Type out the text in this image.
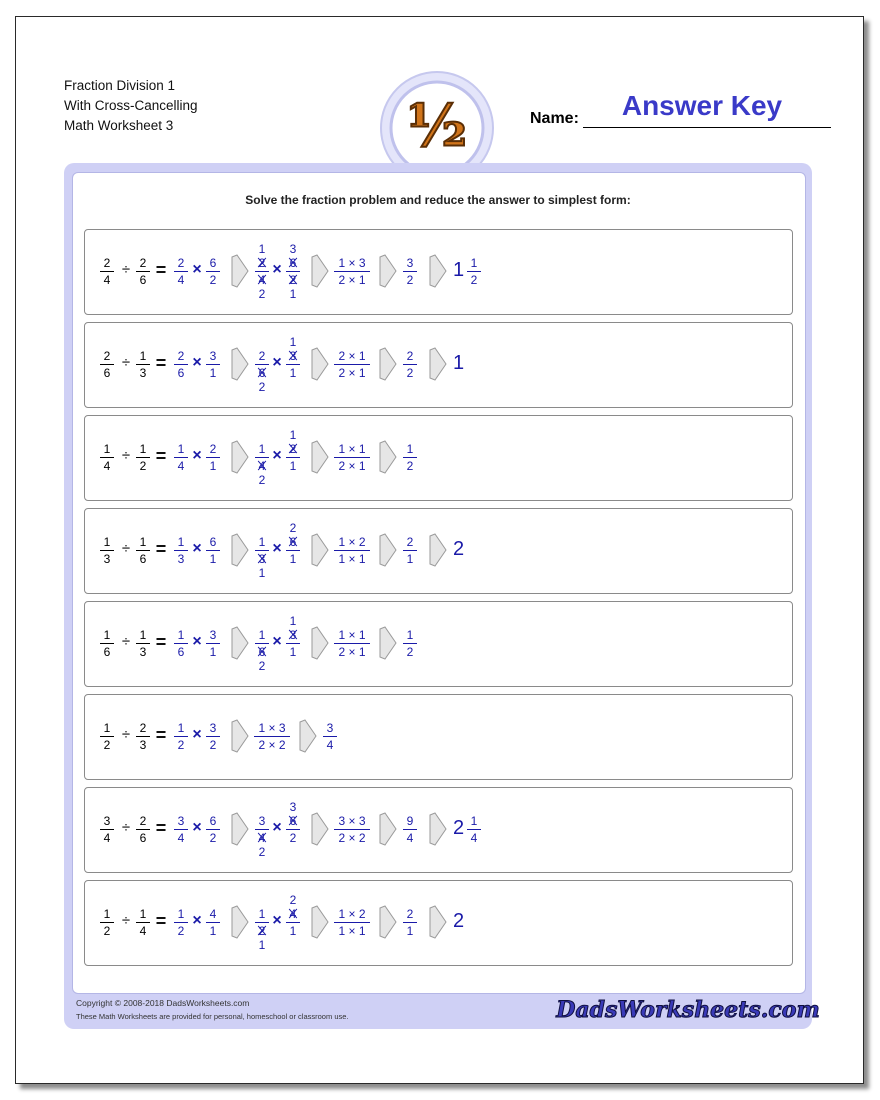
Fraction Division 1
With Cross-Cancelling
Math Worksheet 3	½	Name:	Answer Key
Solve the fraction problem and reduce the answer to simplest form:
2
4
÷ 2
6 = 2
4
× 6
2
2
1
4
2
× 6
3
2
1
1 × 3
2 × 1
3
2	1 1
2
2
6
÷ 1
3 = 2
6
× 3
1
2
6
2
× 3
1
1
2 × 1
2 × 1
2
2	1
1
4
÷ 1
2 = 1
4
× 2
1
1
4
2
× 2
1
1
1 × 1
2 × 1
1
2
1
3
÷ 1
6 = 1
3
× 6
1
1
3
1
× 6
2
1
1 × 2
1 × 1
2
1	2
1
6
÷ 1
3 = 1
6
× 3
1
1
6
2
× 3
1
1
1 × 1
2 × 1
1
2
1
2
÷ 2
3 = 1
2
× 3
2
1 × 3
2 × 2
3
4
3
4
÷ 2
6 = 3
4
× 6
2
3
4
2
× 6
3
2
3 × 3
2 × 2
9
4	2 1
4
1
2
÷ 1
4 = 1
2
× 4
1
1
2
1
× 4
2
1
1 × 2
1 × 1
2
1	2
Copyright © 2008-2018 DadsWorksheets.com
These Math Worksheets are provided for personal, homeschool or classroom use.	DadsWorksheets.com
